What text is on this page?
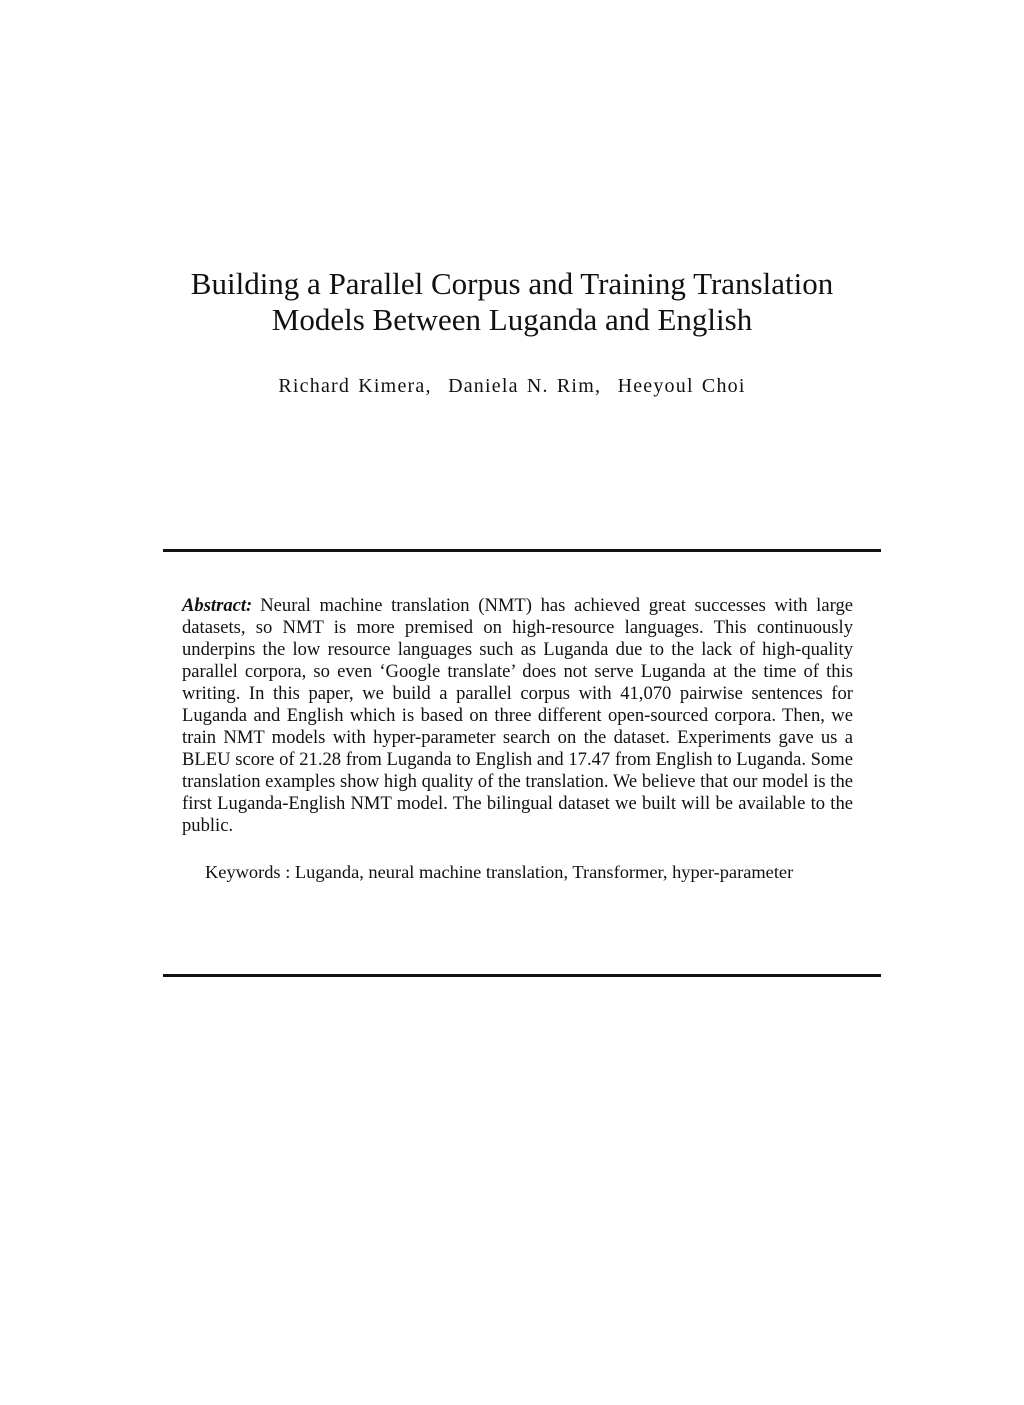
Building a Parallel Corpus and Training Translation
Models Between Luganda and English
Richard Kimera, Daniela N. Rim, Heeyoul Choi

Abstract: Neural machine translation (NMT) has achieved great successes with large datasets, so NMT is more premised on high-resource languages. This continuously underpins the low resource languages such as Luganda due to the lack of high-quality parallel corpora, so even ‘Google translate’ does not serve Luganda at the time of this writing. In this paper, we build a parallel corpus with 41,070 pairwise sentences for Luganda and English which is based on three different open-sourced corpora. Then, we train NMT models with hyper-parameter search on the dataset. Experiments gave us a BLEU score of 21.28 from Luganda to English and 17.47 from English to Luganda. Some translation examples show high quality of the translation. We believe that our model is the first Luganda-English NMT model. The bilingual dataset we built will be available to the public.

Keywords : Luganda, neural machine translation, Transformer, hyper-parameter
